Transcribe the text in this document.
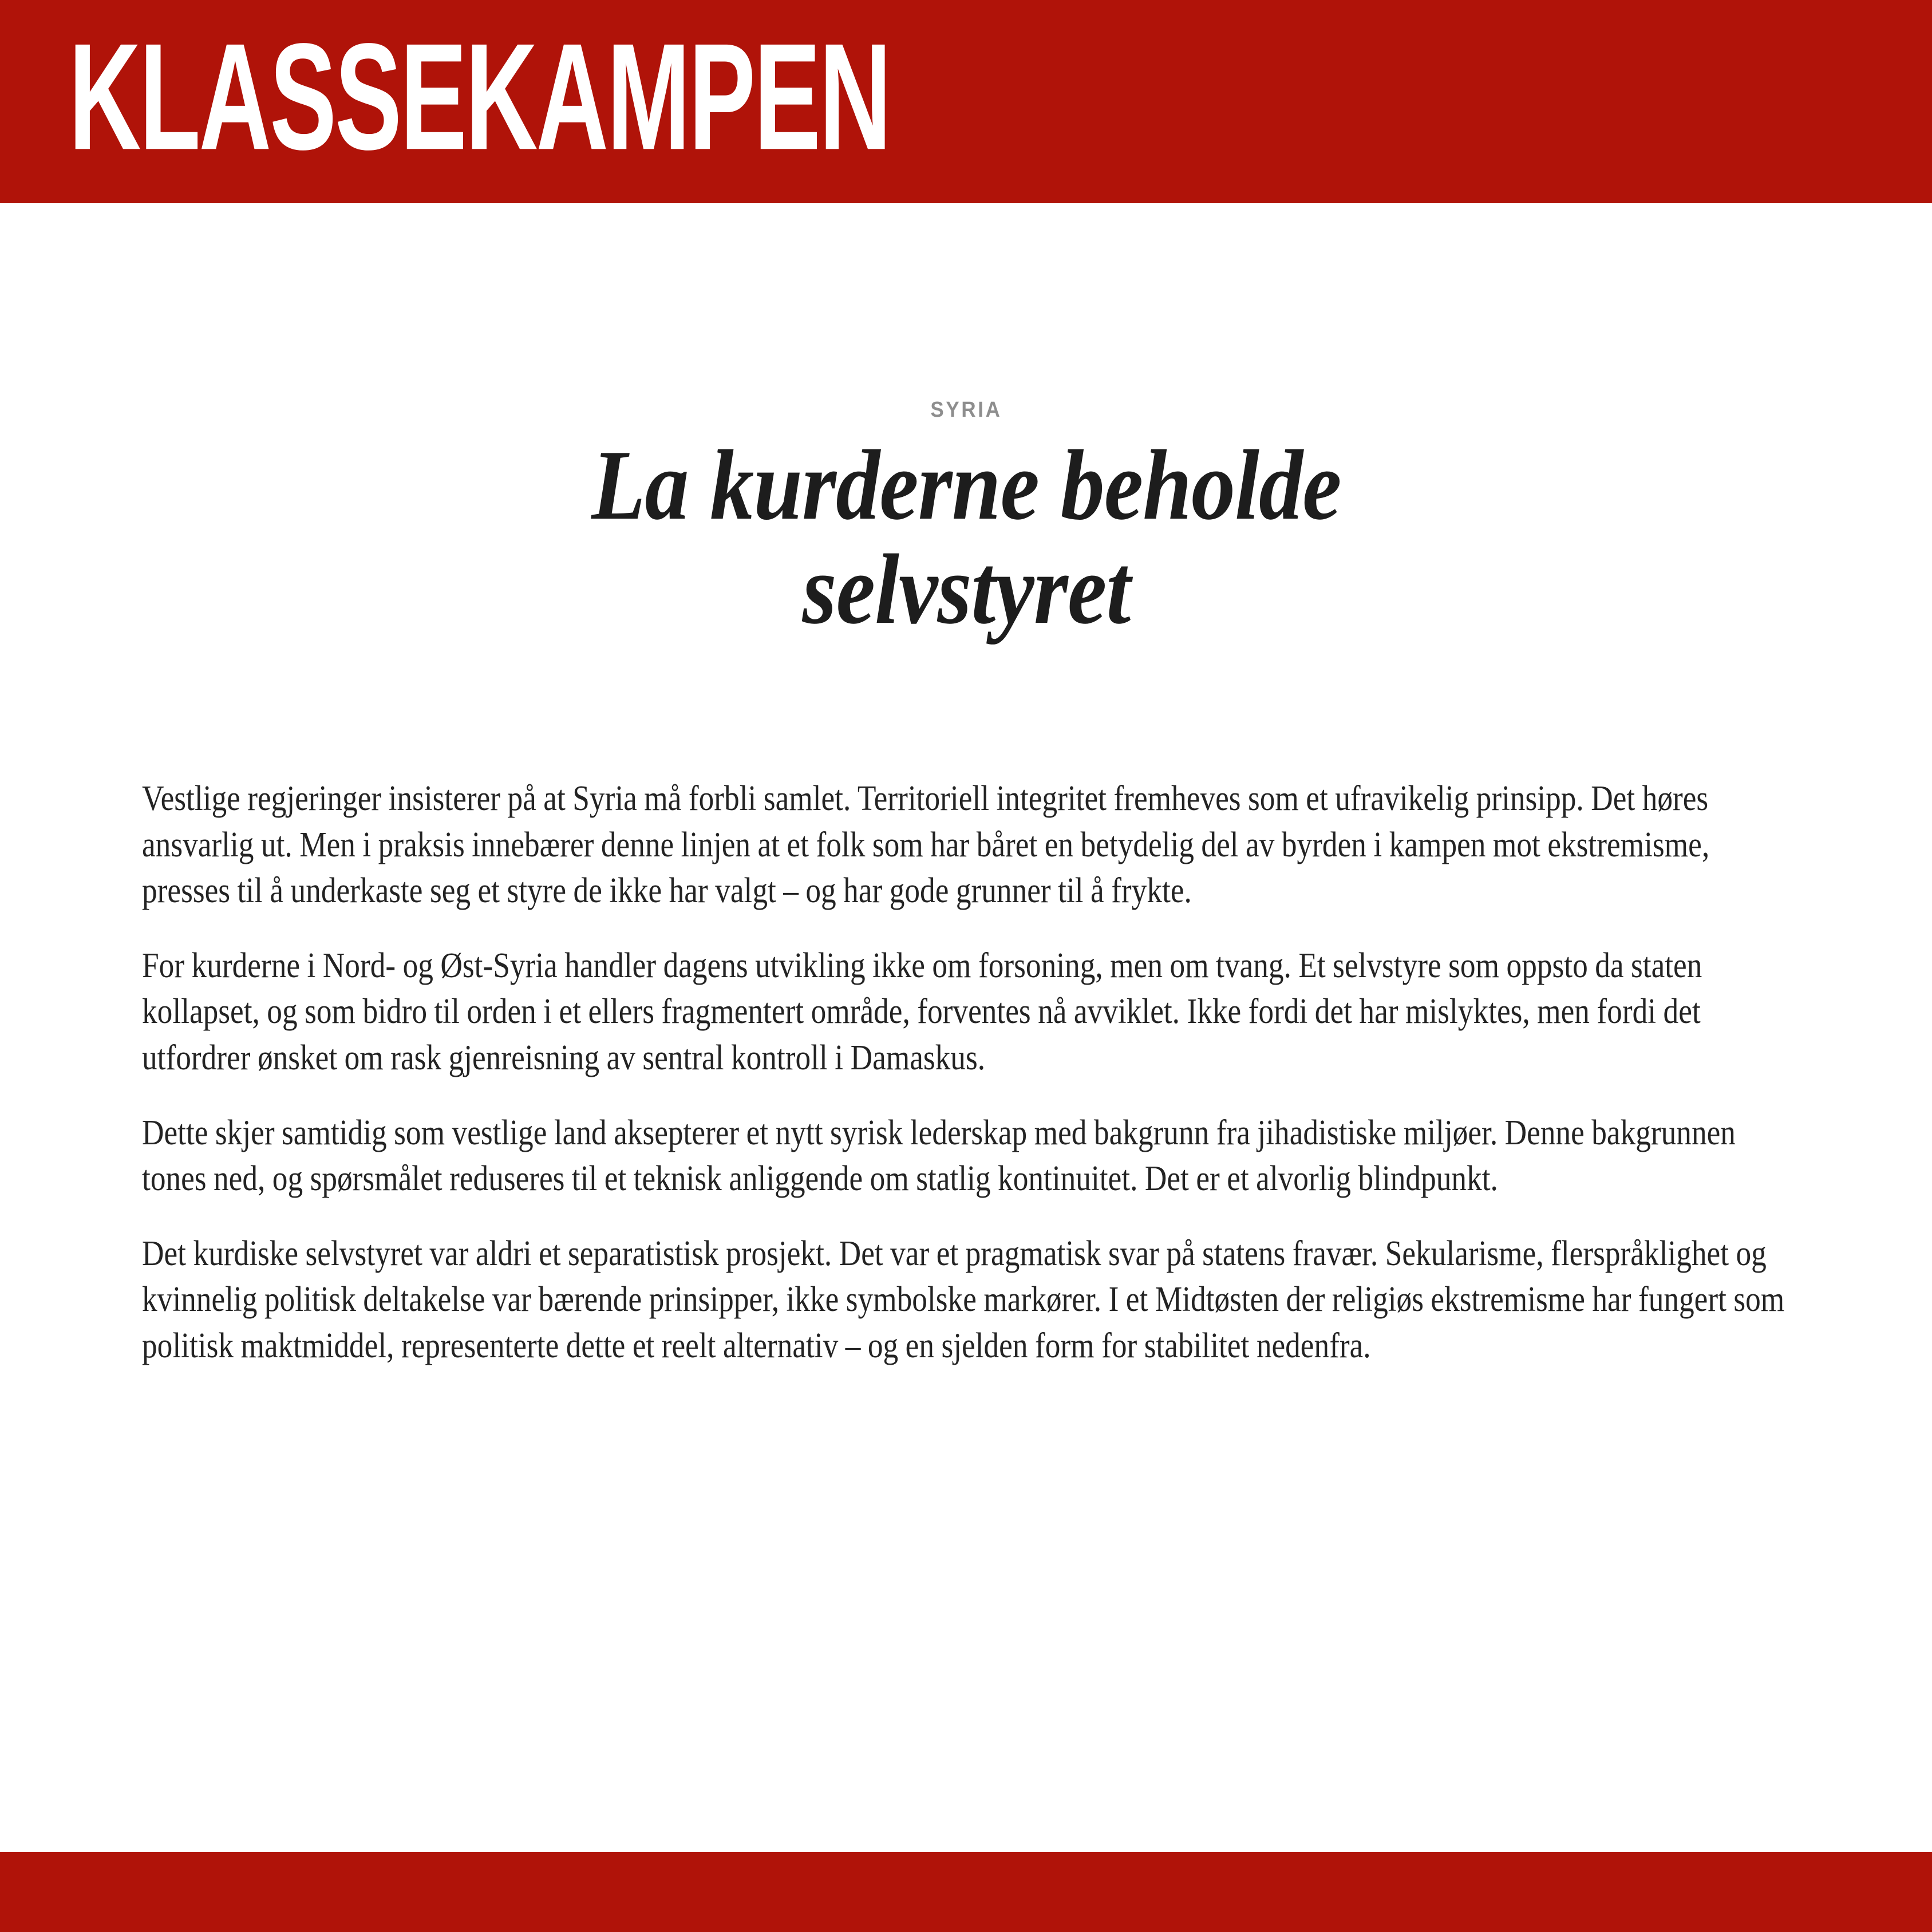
KLASSEKAMPEN
SYRIA
La kurderne beholde
selvstyret

Vestlige regjeringer insisterer på at Syria må forbli samlet. Territoriell integritet fremheves som et ufravikelig prinsipp. Det høres ansvarlig ut. Men i praksis innebærer denne linjen at et folk som har båret en betydelig del av byrden i kampen mot ekstremisme, presses til å underkaste seg et styre de ikke har valgt – og har gode grunner til å frykte.

For kurderne i Nord- og Øst-Syria handler dagens utvikling ikke om forsoning, men om tvang. Et selvstyre som oppsto da staten kollapset, og som bidro til orden i et ellers fragmentert område, forventes nå avviklet. Ikke fordi det har mislyktes, men fordi det utfordrer ønsket om rask gjenreisning av sentral kontroll i Damaskus.

Dette skjer samtidig som vestlige land aksepterer et nytt syrisk lederskap med bakgrunn fra jihadistiske miljøer. Denne bakgrunnen tones ned, og spørsmålet reduseres til et teknisk anliggende om statlig kontinuitet. Det er et alvorlig blindpunkt.

Det kurdiske selvstyret var aldri et separatistisk prosjekt. Det var et pragmatisk svar på statens fravær. Sekularisme, flerspråklighet og kvinnelig politisk deltakelse var bærende prinsipper, ikke symbolske markører. I et Midtøsten der religiøs ekstremisme har fungert som politisk maktmiddel, representerte dette et reelt alternativ – og en sjelden form for stabilitet nedenfra.
